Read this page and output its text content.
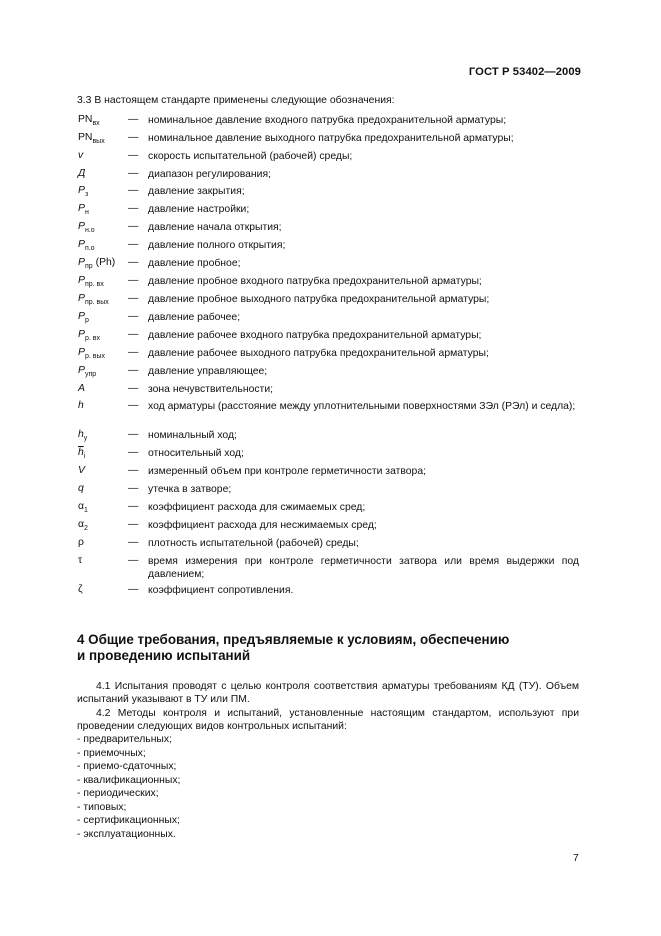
ГОСТ Р 53402—2009
3.3 В настоящем стандарте применены следующие обозначения:
$PN_{вх}$	— номинальное давление входного патрубка предохранительной арматуры;
$PN_{вых}$ — номинальное давление выходного патрубка предохранительной арматуры;
v	— скорость испытательной (рабочей) среды;
Д	— диапазон регулирования;
$P_з$	— давление закрытия;
$P_н$	— давление настройки;
$P_{н.о}$	— давление начала открытия;
$P_{п.о}$	— давление полного открытия;
$P_{пр}$ (Ph) — давление пробное;
$P_{пр. вх}$ — давление пробное входного патрубка предохранительной арматуры;
$P_{пр. вых}$ — давление пробное выходного патрубка предохранительной арматуры;
$P_р$	— давление рабочее;
$P_{р. вх}$	— давление рабочее входного патрубка предохранительной арматуры;
$P_{р. вых}$ — давление рабочее выходного патрубка предохранительной арматуры;
$P_{упр}$	— давление управляющее;
A	— зона нечувствительности;
h	— ход арматуры (расстояние между уплотнительными поверхностями ЗЭл (РЭл) и седла);
$h_у$	— номинальный ход;
$\overline{h}_i$	— относительный ход;
V	— измеренный объем при контроле герметичности затвора;
q	— утечка в затворе;
$\alpha_1$	— коэффициент расхода для сжимаемых сред;
$\alpha_2$	— коэффициент расхода для несжимаемых сред;
ρ	— плотность испытательной (рабочей) среды;
τ	— время измерения при контроле герметичности затвора или время выдержки под давлением;
ζ	— коэффициент сопротивления.
4 Общие требования, предъявляемые к условиям, обеспечению
и проведению испытаний
4.1 Испытания проводят с целью контроля соответствия арматуры требованиям КД (ТУ). Объем испытаний указывают в ТУ или ПМ.
4.2 Методы контроля и испытаний, установленные настоящим стандартом, используют при проведении следующих видов контрольных испытаний:
- предварительных;
- приемочных;
- приемо-сдаточных;
- квалификационных;
- периодических;
- типовых;
- сертификационных;
- эксплуатационных.
7
